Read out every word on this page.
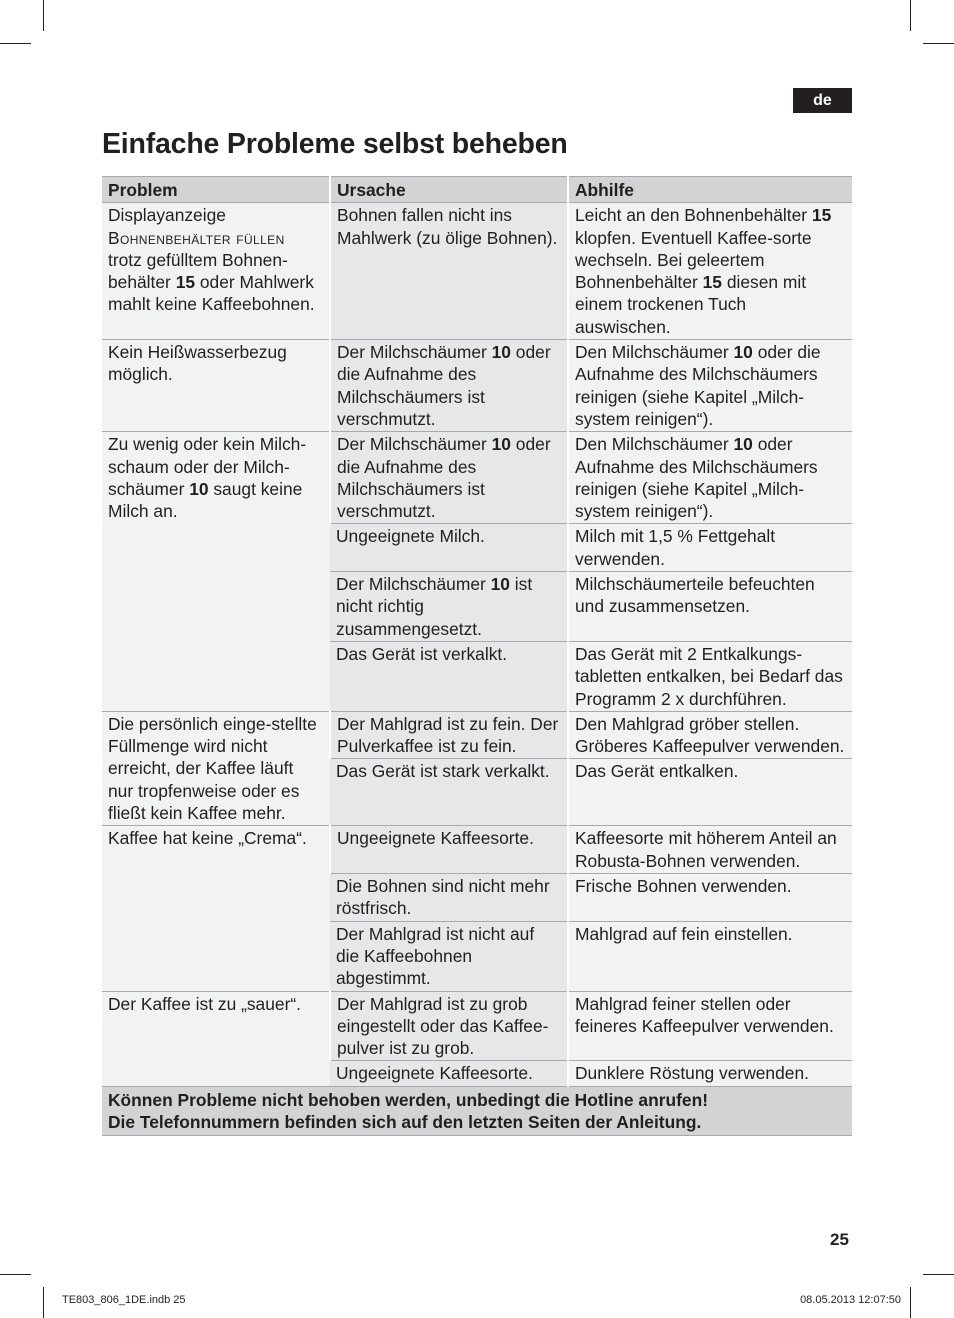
de
Einfache Probleme selbst beheben
Problem	Ursache	Abhilfe
Displayanzeige
Bohnenbehälter füllen
trotz gefülltem Bohnen-behälter 15 oder Mahlwerk mahlt keine Kaffeebohnen.	Bohnen fallen nicht ins Mahlwerk (zu ölige Bohnen).	Leicht an den Bohnenbehälter 15 klopfen. Eventuell Kaffee-sorte wechseln. Bei geleertem Bohnenbehälter 15 diesen mit einem trockenen Tuch auswischen.
Kein Heißwasserbezug möglich.	Der Milchschäumer 10 oder die Aufnahme des Milchschäumers ist verschmutzt.	Den Milchschäumer 10 oder die Aufnahme des Milchschäumers reinigen (siehe Kapitel „Milch-system reinigen“).
Zu wenig oder kein Milch-schaum oder der Milch-schäumer 10 saugt keine Milch an.	Der Milchschäumer 10 oder die Aufnahme des Milchschäumers ist verschmutzt.	Den Milchschäumer 10 oder Aufnahme des Milchschäumers reinigen (siehe Kapitel „Milch-system reinigen“).
	Ungeeignete Milch.	Milch mit 1,5 % Fettgehalt verwenden.
	Der Milchschäumer 10 ist nicht richtig zusammengesetzt.	Milchschäumerteile befeuchten und zusammensetzen.
	Das Gerät ist verkalkt.	Das Gerät mit 2 Entkalkungs-tabletten entkalken, bei Bedarf das Programm 2 x durchführen.
Die persönlich einge-stellte Füllmenge wird nicht erreicht, der Kaffee läuft nur tropfenweise oder es fließt kein Kaffee mehr.	Der Mahlgrad ist zu fein. Der Pulverkaffee ist zu fein.	Den Mahlgrad gröber stellen. Gröberes Kaffeepulver verwenden.
	Das Gerät ist stark verkalkt.	Das Gerät entkalken.
Kaffee hat keine „Crema“.	Ungeeignete Kaffeesorte.	Kaffeesorte mit höherem Anteil an Robusta-Bohnen verwenden.
	Die Bohnen sind nicht mehr röstfrisch.	Frische Bohnen verwenden.
	Der Mahlgrad ist nicht auf die Kaffeebohnen abgestimmt.	Mahlgrad auf fein einstellen.
Der Kaffee ist zu „sauer“.	Der Mahlgrad ist zu grob eingestellt oder das Kaffee-pulver ist zu grob.	Mahlgrad feiner stellen oder feineres Kaffeepulver verwenden.
	Ungeeignete Kaffeesorte.	Dunklere Röstung verwenden.

Können Probleme nicht behoben werden, unbedingt die Hotline anrufen!
Die Telefonnummern befinden sich auf den letzten Seiten der Anleitung.		
25
TE803_806_1DE.indb 25	08.05.2013 12:07:50
